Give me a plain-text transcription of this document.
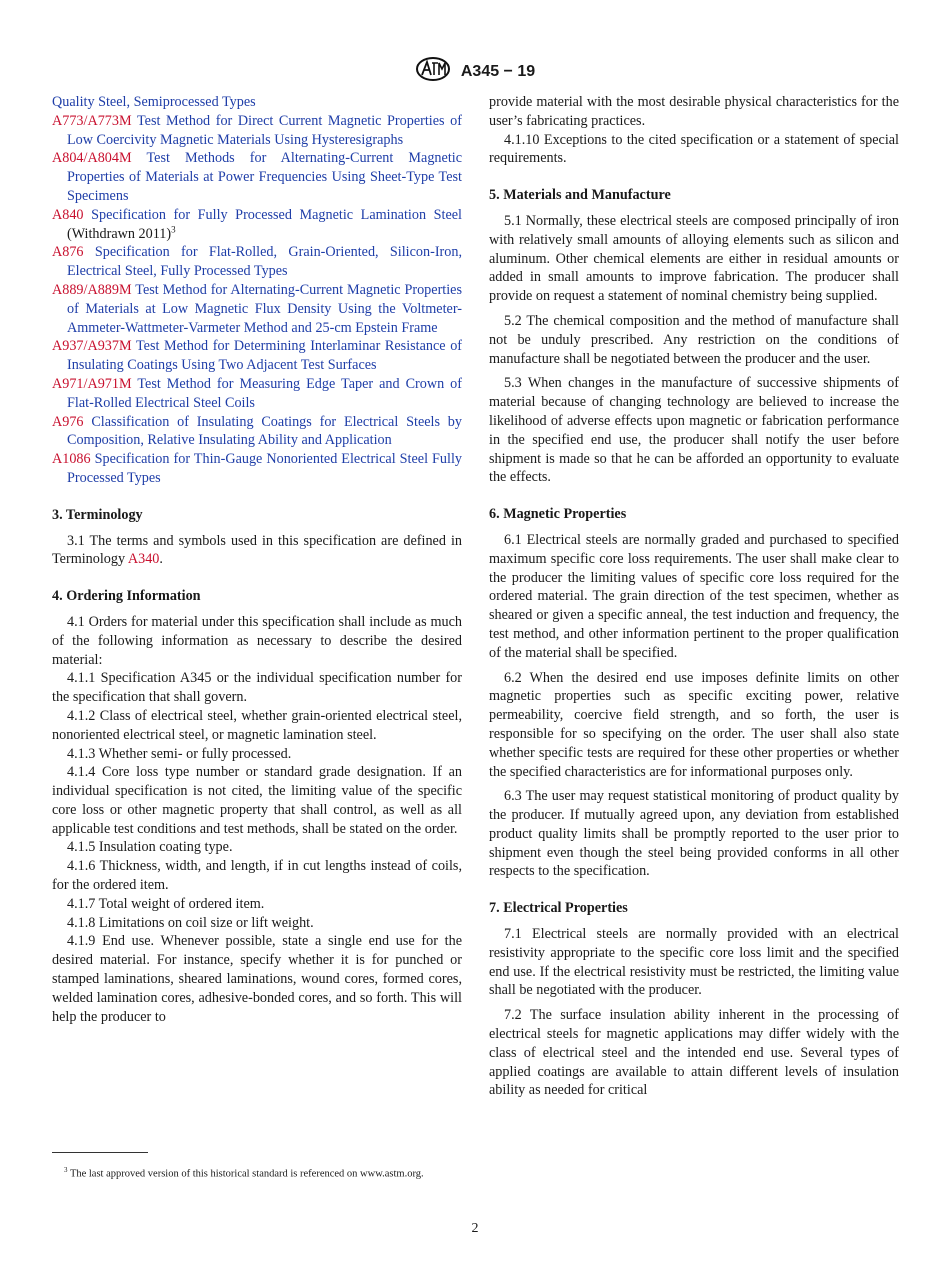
A345 − 19

Quality Steel, Semiprocessed Types

A773/A773M Test Method for Direct Current Magnetic Properties of Low Coercivity Magnetic Materials Using Hysteresigraphs

A804/A804M Test Methods for Alternating-Current Magnetic Properties of Materials at Power Frequencies Using Sheet-Type Test Specimens

A840 Specification for Fully Processed Magnetic Lamination Steel (Withdrawn 2011)$^3$

A876 Specification for Flat-Rolled, Grain-Oriented, Silicon-Iron, Electrical Steel, Fully Processed Types

A889/A889M Test Method for Alternating-Current Magnetic Properties of Materials at Low Magnetic Flux Density Using the Voltmeter-Ammeter-Wattmeter-Varmeter Method and 25-cm Epstein Frame

A937/A937M Test Method for Determining Interlaminar Resistance of Insulating Coatings Using Two Adjacent Test Surfaces

A971/A971M Test Method for Measuring Edge Taper and Crown of Flat-Rolled Electrical Steel Coils

A976 Classification of Insulating Coatings for Electrical Steels by Composition, Relative Insulating Ability and Application

A1086 Specification for Thin-Gauge Nonoriented Electrical Steel Fully Processed Types

3. Terminology

3.1 The terms and symbols used in this specification are defined in Terminology A340.

4. Ordering Information

4.1 Orders for material under this specification shall include as much of the following information as necessary to describe the desired material:

4.1.1 Specification A345 or the individual specification number for the specification that shall govern.

4.1.2 Class of electrical steel, whether grain-oriented electrical steel, nonoriented electrical steel, or magnetic lamination steel.

4.1.3 Whether semi- or fully processed.

4.1.4 Core loss type number or standard grade designation. If an individual specification is not cited, the limiting value of the specific core loss or other magnetic property that shall control, as well as all applicable test conditions and test methods, shall be stated on the order.

4.1.5 Insulation coating type.

4.1.6 Thickness, width, and length, if in cut lengths instead of coils, for the ordered item.

4.1.7 Total weight of ordered item.

4.1.8 Limitations on coil size or lift weight.

4.1.9 End use. Whenever possible, state a single end use for the desired material. For instance, specify whether it is for punched or stamped laminations, sheared laminations, wound cores, formed cores, welded lamination cores, adhesive-bonded cores, and so forth. This will help the producer to

$^3$ The last approved version of this historical standard is referenced on www.astm.org.

provide material with the most desirable physical characteristics for the user’s fabricating practices.

4.1.10 Exceptions to the cited specification or a statement of special requirements.

5. Materials and Manufacture

5.1 Normally, these electrical steels are composed principally of iron with relatively small amounts of alloying elements such as silicon and aluminum. Other chemical elements are either in residual amounts or added in small amounts to improve fabrication. The producer shall provide on request a statement of nominal chemistry being supplied.

5.2 The chemical composition and the method of manufacture shall not be unduly prescribed. Any restriction on the conditions of manufacture shall be negotiated between the producer and the user.

5.3 When changes in the manufacture of successive shipments of material because of changing technology are believed to increase the likelihood of adverse effects upon magnetic or fabrication performance in the specified end use, the producer shall notify the user before shipment is made so that he can be afforded an opportunity to evaluate the effects.

6. Magnetic Properties

6.1 Electrical steels are normally graded and purchased to specified maximum specific core loss requirements. The user shall make clear to the producer the limiting values of specific core loss required for the ordered material. The grain direction of the test specimen, whether as sheared or given a specific anneal, the test induction and frequency, the test method, and other information pertinent to the proper qualification of the material shall be specified.

6.2 When the desired end use imposes definite limits on other magnetic properties such as specific exciting power, relative permeability, coercive field strength, and so forth, the user is responsible for so specifying on the order. The user shall also state whether specific tests are required for these other properties or whether the specified characteristics are for informational purposes only.

6.3 The user may request statistical monitoring of product quality by the producer. If mutually agreed upon, any deviation from established product quality limits shall be promptly reported to the user prior to shipment even though the steel being provided conforms in all other respects to the specification.

7. Electrical Properties

7.1 Electrical steels are normally provided with an electrical resistivity appropriate to the specific core loss limit and the specified end use. If the electrical resistivity must be restricted, the limiting value shall be negotiated with the producer.

7.2 The surface insulation ability inherent in the processing of electrical steels for magnetic applications may differ widely with the class of electrical steel and the intended end use. Several types of applied coatings are available to attain different levels of insulation ability as needed for critical

2
